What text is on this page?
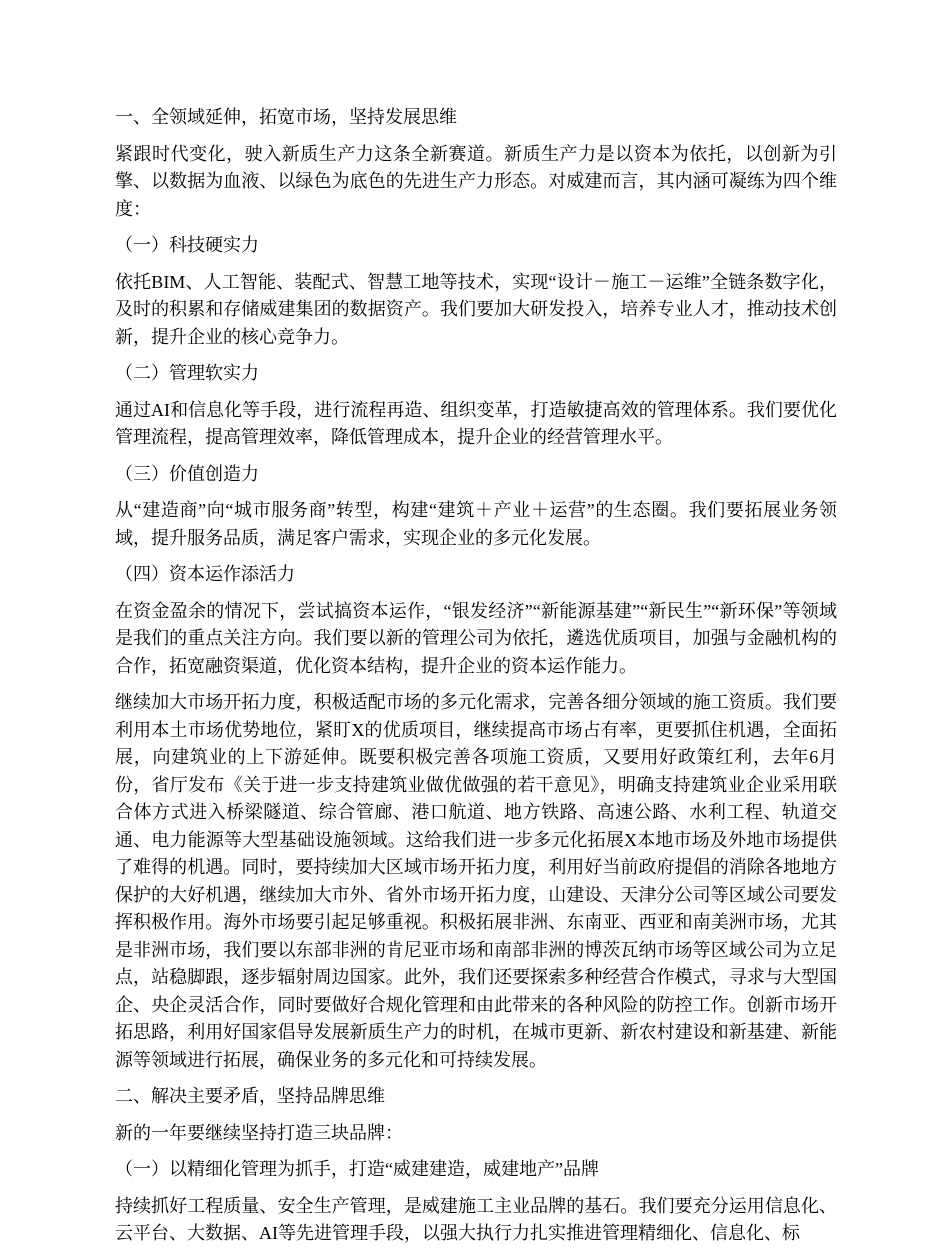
一、全领域延伸，拓宽市场，坚持发展思维

紧跟时代变化，驶入新质生产力这条全新赛道。新质生产力是以资本为依托，以创新为引擎、以数据为血液、以绿色为底色的先进生产力形态。对威建而言，其内涵可凝练为四个维度：

（一）科技硬实力

依托BIM、人工智能、装配式、智慧工地等技术，实现“设计－施工－运维”全链条数字化，及时的积累和存储威建集团的数据资产。我们要加大研发投入，培养专业人才，推动技术创新，提升企业的核心竞争力。

（二）管理软实力

通过AI和信息化等手段，进行流程再造、组织变革，打造敏捷高效的管理体系。我们要优化管理流程，提高管理效率，降低管理成本，提升企业的经营管理水平。

（三）价值创造力

从“建造商”向“城市服务商”转型，构建“建筑＋产业＋运营”的生态圈。我们要拓展业务领域，提升服务品质，满足客户需求，实现企业的多元化发展。

（四）资本运作添活力

在资金盈余的情况下，尝试搞资本运作，“银发经济”“新能源基建”“新民生”“新环保”等领域是我们的重点关注方向。我们要以新的管理公司为依托，遴选优质项目，加强与金融机构的合作，拓宽融资渠道，优化资本结构，提升企业的资本运作能力。

继续加大市场开拓力度，积极适配市场的多元化需求，完善各细分领域的施工资质。我们要利用本土市场优势地位，紧盯X的优质项目，继续提高市场占有率，更要抓住机遇，全面拓展，向建筑业的上下游延伸。既要积极完善各项施工资质，又要用好政策红利，去年6月份，省厅发布《关于进一步支持建筑业做优做强的若干意见》，明确支持建筑业企业采用联合体方式进入桥梁隧道、综合管廊、港口航道、地方铁路、高速公路、水利工程、轨道交通、电力能源等大型基础设施领域。这给我们进一步多元化拓展X本地市场及外地市场提供了难得的机遇。同时，要持续加大区域市场开拓力度，利用好当前政府提倡的消除各地地方保护的大好机遇，继续加大市外、省外市场开拓力度，山建设、天津分公司等区域公司要发挥积极作用。海外市场要引起足够重视。积极拓展非洲、东南亚、西亚和南美洲市场，尤其是非洲市场，我们要以东部非洲的肯尼亚市场和南部非洲的博茨瓦纳市场等区域公司为立足点，站稳脚跟，逐步辐射周边国家。此外，我们还要探索多种经营合作模式，寻求与大型国企、央企灵活合作，同时要做好合规化管理和由此带来的各种风险的防控工作。创新市场开拓思路，利用好国家倡导发展新质生产力的时机，在城市更新、新农村建设和新基建、新能源等领域进行拓展，确保业务的多元化和可持续发展。

二、解决主要矛盾，坚持品牌思维

新的一年要继续坚持打造三块品牌：

（一）以精细化管理为抓手，打造“威建建造，威建地产”品牌

持续抓好工程质量、安全生产管理，是威建施工主业品牌的基石。我们要充分运用信息化、云平台、大数据、AI等先进管理手段，以强大执行力扎实推进管理精细化、信息化、标
